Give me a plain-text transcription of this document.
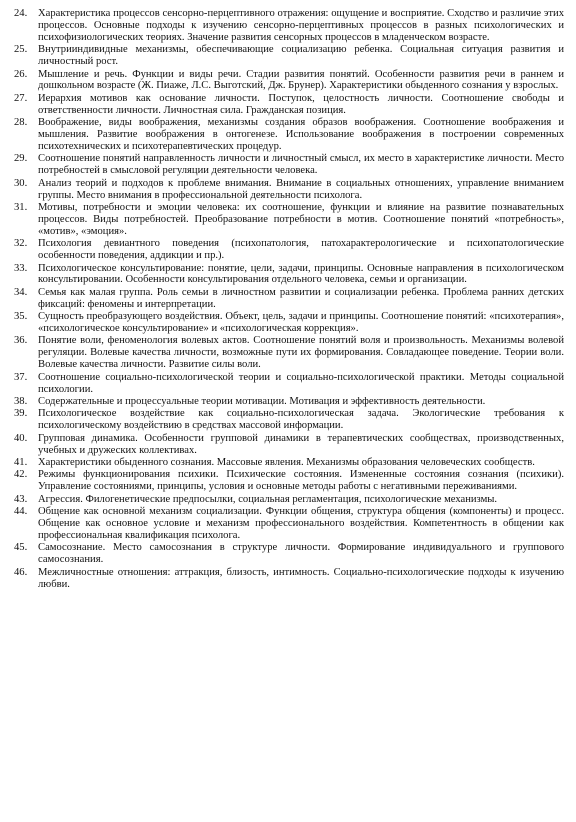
24.	Характеристика процессов сенсорно-перцептивного отражения: ощущение и восприятие. Сходство и различие этих процессов. Основные подходы к изучению сенсорно-перцептивных процессов в разных психологических и психофизиологических теориях. Значение развития сенсорных процессов в младенческом возрасте.
25.	Внутрииндивидные механизмы, обеспечивающие социализацию ребенка. Социальная ситуация развития и личностный рост.
26.	Мышление и речь. Функции и виды речи. Стадии развития понятий. Особенности развития речи в раннем и дошкольном возрасте (Ж. Пиаже, Л.С. Выготский, Дж. Брунер). Характеристики обыденного сознания у взрослых.
27.	Иерархия мотивов как основание личности. Поступок, целостность личности. Соотношение свободы и ответственности личности. Личностная сила. Гражданская позиция.
28.	Воображение, виды воображения, механизмы создания образов воображения. Соотношение воображения и мышления. Развитие воображения в онтогенезе. Использование воображения в построении современных психотехнических и психотерапевтических процедур.
29.	Соотношение понятий направленность личности и личностный смысл, их место в характеристике личности. Место потребностей в смысловой регуляции деятельности человека.
30.	Анализ теорий и подходов к проблеме внимания. Внимание в социальных отношениях, управление вниманием группы. Место внимания в профессиональной деятельности психолога.
31.	Мотивы, потребности и эмоции человека: их соотношение, функции и влияние на развитие познавательных процессов. Виды потребностей. Преобразование потребности в мотив. Соотношение понятий «потребность», «мотив», «эмоция».
32.	Психология девиантного поведения (психопатология, патохарактерологические и психопатологические особенности поведения, аддикции и пр.).
33.	Психологическое консультирование: понятие, цели, задачи, принципы. Основные направления в психологическом консультировании. Особенности консультирования отдельного человека, семьи и организации.
34.	Семья как малая группа. Роль семьи в личностном развитии и социализации ребенка. Проблема ранних детских фиксаций: феномены и интерпретации.
35.	Сущность преобразующего воздействия. Объект, цель, задачи и принципы. Соотношение понятий: «психотерапия», «психологическое консультирование» и «психологическая коррекция».
36.	Понятие воли, феноменология волевых актов. Соотношение понятий воля и произвольность. Механизмы волевой регуляции. Волевые качества личности, возможные пути их формирования. Совладающее поведение. Теории воли. Волевые качества личности. Развитие силы воли.
37.	Соотношение социально-психологической теории и социально-психологической практики. Методы социальной психологии.
38.	Содержательные и процессуальные теории мотивации. Мотивация и эффективность деятельности.
39.	Психологическое воздействие как социально-психологическая задача. Экологические требования к психологическому воздействию в средствах массовой информации.
40.	Групповая динамика. Особенности групповой динамики в терапевтических сообществах, производственных, учебных и дружеских коллективах.
41.	Характеристики обыденного сознания. Массовые явления. Механизмы образования человеческих сообществ.
42.	Режимы функционирования психики. Психические состояния. Измененные состояния сознания (психики). Управление состояниями, принципы, условия и основные методы работы с негативными переживаниями.
43.	Агрессия. Филогенетические предпосылки, социальная регламентация, психологические механизмы.
44.	Общение как основной механизм социализации. Функции общения, структура общения (компоненты) и процесс. Общение как основное условие и механизм профессионального воздействия. Компетентность в общении как профессиональная квалификация психолога.
45.	Самосознание. Место самосознания в структуре личности. Формирование индивидуального и группового самосознания.
46.	Межличностные отношения: аттракция, близость, интимность. Социально-психологические подходы к изучению любви.
